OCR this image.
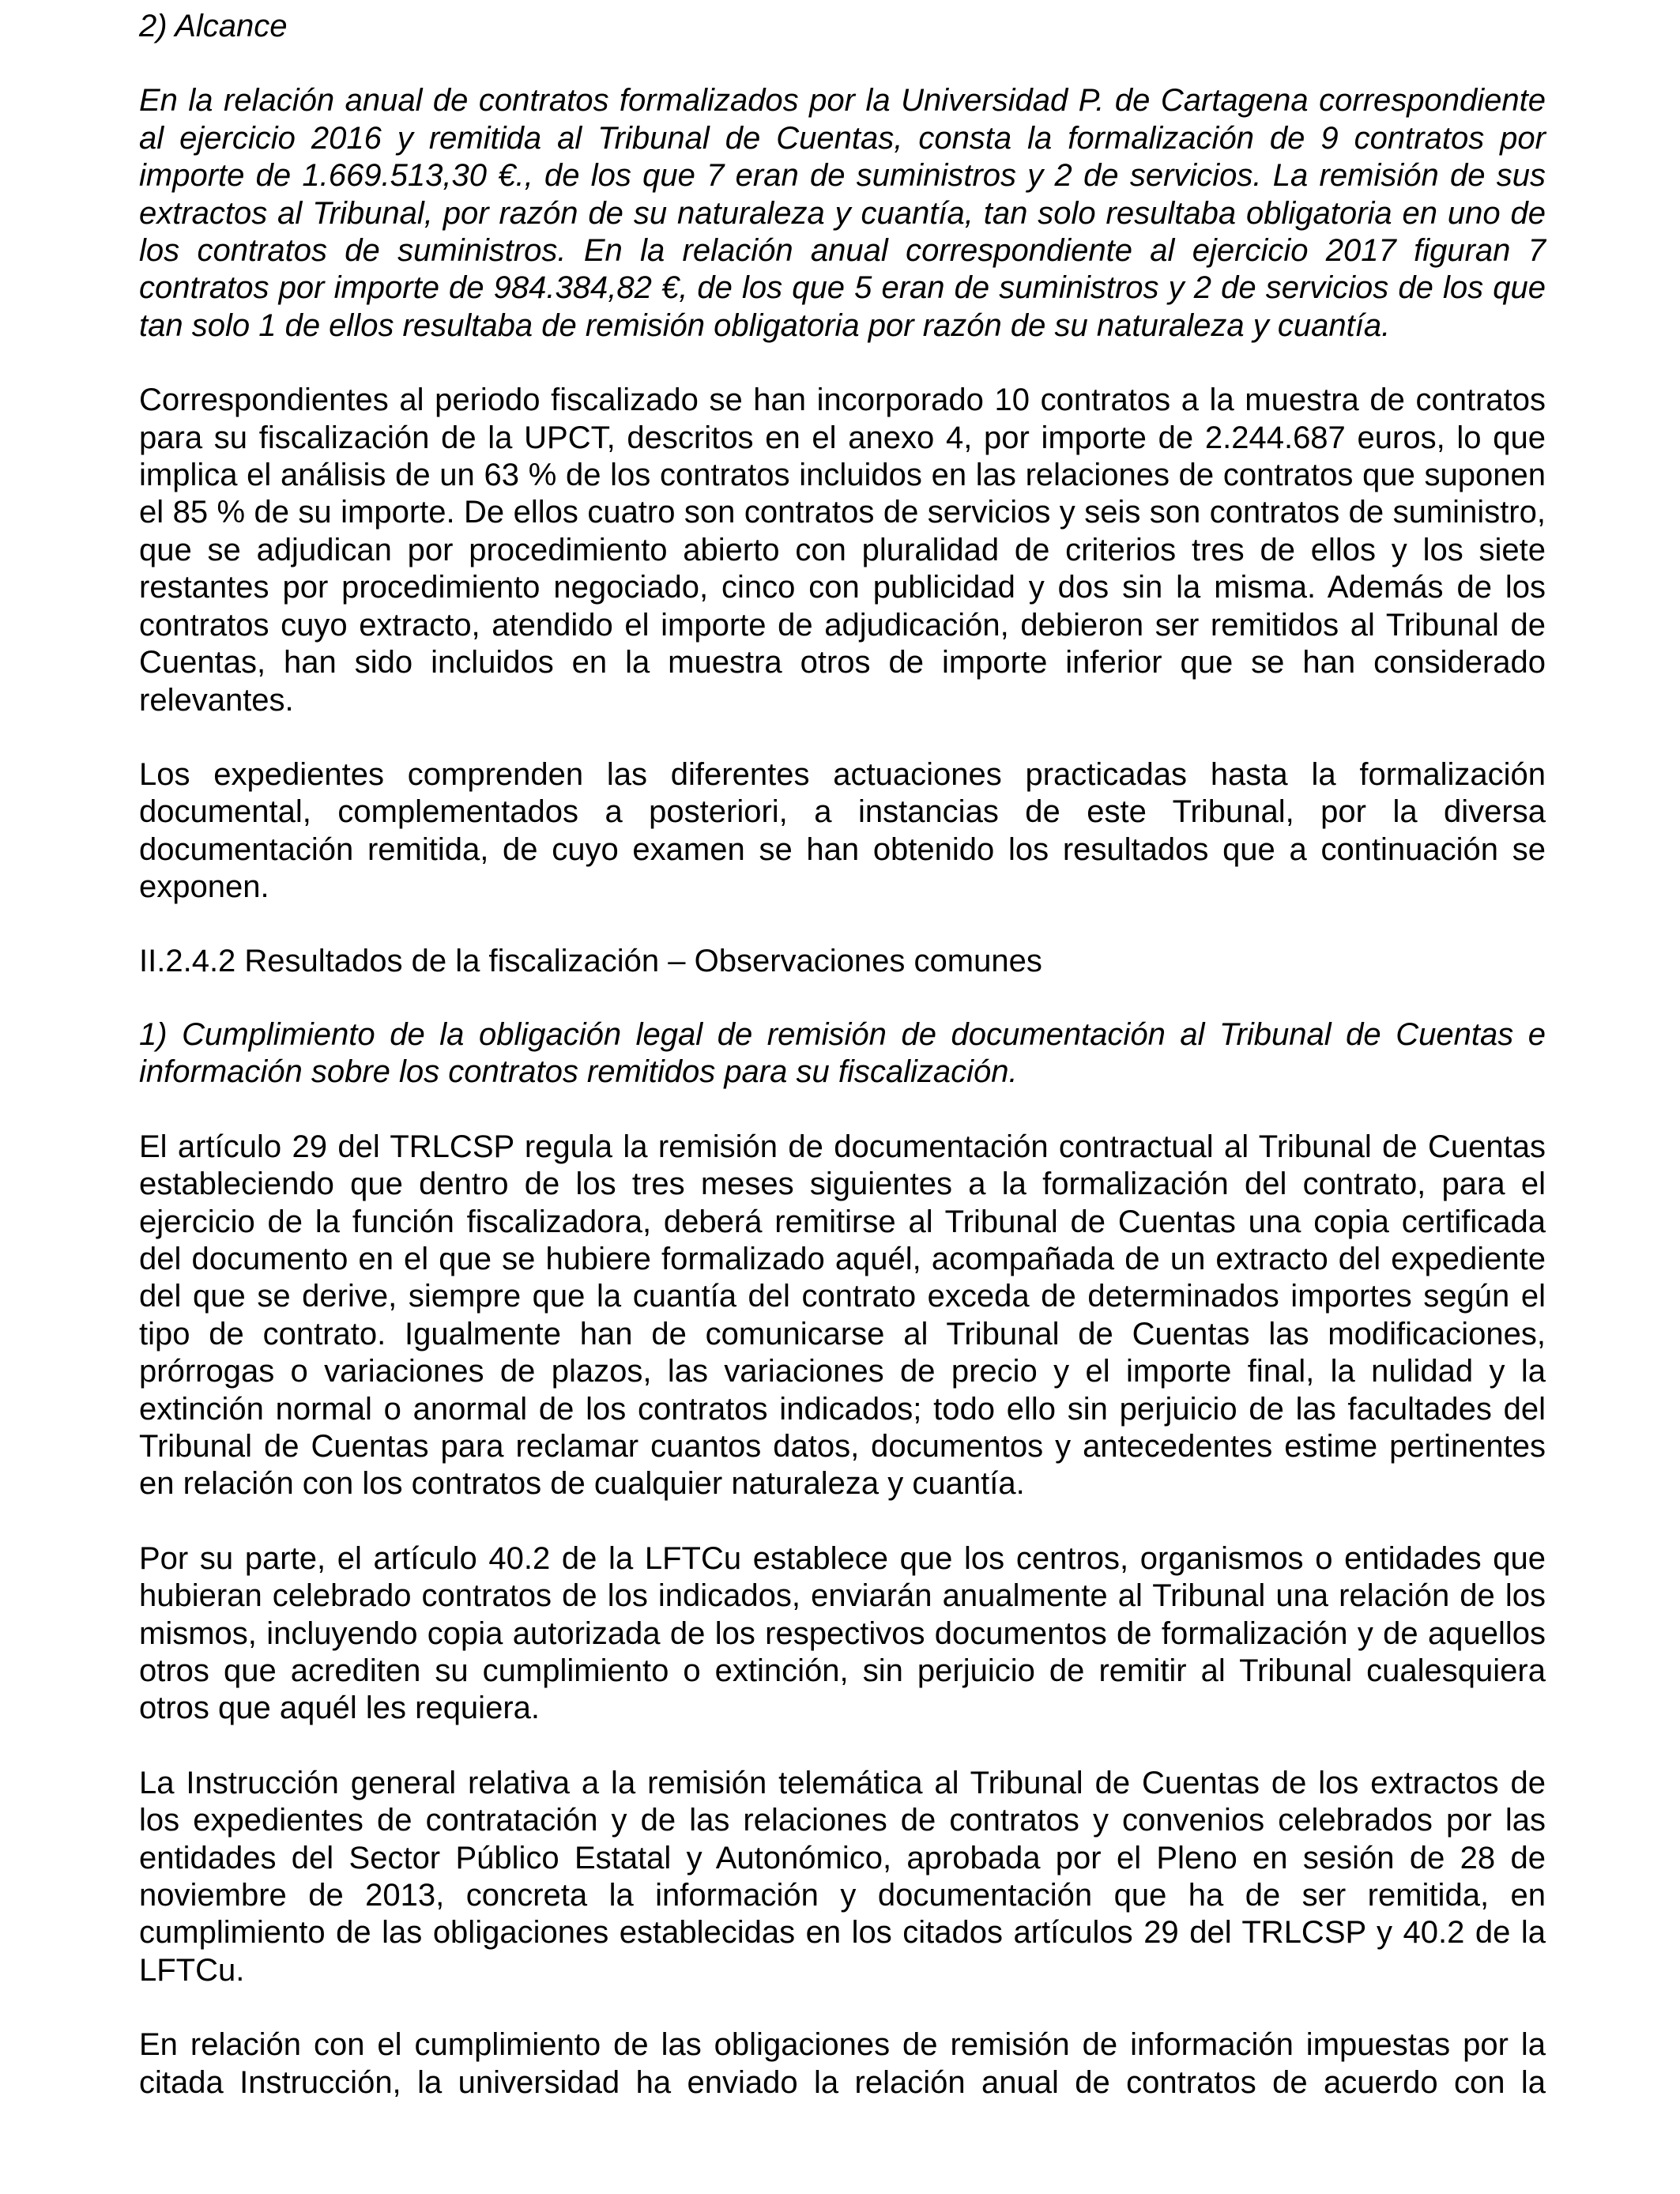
2) Alcance

En la relación anual de contratos formalizados por la Universidad P. de Cartagena correspondiente al ejercicio 2016 y remitida al Tribunal de Cuentas, consta la formalización de 9 contratos por importe de 1.669.513,30 €., de los que 7 eran de suministros y 2 de servicios. La remisión de sus extractos al Tribunal, por razón de su naturaleza y cuantía, tan solo resultaba obligatoria en uno de los contratos de suministros. En la relación anual correspondiente al ejercicio 2017 figuran 7 contratos por importe de 984.384,82 €, de los que 5 eran de suministros y 2 de servicios de los que tan solo 1 de ellos resultaba de remisión obligatoria por razón de su naturaleza y cuantía.

Correspondientes al periodo fiscalizado se han incorporado 10 contratos a la muestra de contratos para su fiscalización de la UPCT, descritos en el anexo 4, por importe de 2.244.687 euros, lo que implica el análisis de un 63 % de los contratos incluidos en las relaciones de contratos que suponen el 85 % de su importe. De ellos cuatro son contratos de servicios y seis son contratos de suministro, que se adjudican por procedimiento abierto con pluralidad de criterios tres de ellos y los siete restantes por procedimiento negociado, cinco con publicidad y dos sin la misma. Además de los contratos cuyo extracto, atendido el importe de adjudicación, debieron ser remitidos al Tribunal de Cuentas, han sido incluidos en la muestra otros de importe inferior que se han considerado relevantes.

Los expedientes comprenden las diferentes actuaciones practicadas hasta la formalización documental, complementados a posteriori, a instancias de este Tribunal, por la diversa documentación remitida, de cuyo examen se han obtenido los resultados que a continuación se exponen.

II.2.4.2 Resultados de la fiscalización – Observaciones comunes

1) Cumplimiento de la obligación legal de remisión de documentación al Tribunal de Cuentas e información sobre los contratos remitidos para su fiscalización.

El artículo 29 del TRLCSP regula la remisión de documentación contractual al Tribunal de Cuentas estableciendo que dentro de los tres meses siguientes a la formalización del contrato, para el ejercicio de la función fiscalizadora, deberá remitirse al Tribunal de Cuentas una copia certificada del documento en el que se hubiere formalizado aquél, acompañada de un extracto del expediente del que se derive, siempre que la cuantía del contrato exceda de determinados importes según el tipo de contrato. Igualmente han de comunicarse al Tribunal de Cuentas las modificaciones, prórrogas o variaciones de plazos, las variaciones de precio y el importe final, la nulidad y la extinción normal o anormal de los contratos indicados; todo ello sin perjuicio de las facultades del Tribunal de Cuentas para reclamar cuantos datos, documentos y antecedentes estime pertinentes en relación con los contratos de cualquier naturaleza y cuantía.

Por su parte, el artículo 40.2 de la LFTCu establece que los centros, organismos o entidades que hubieran celebrado contratos de los indicados, enviarán anualmente al Tribunal una relación de los mismos, incluyendo copia autorizada de los respectivos documentos de formalización y de aquellos otros que acrediten su cumplimiento o extinción, sin perjuicio de remitir al Tribunal cualesquiera otros que aquél les requiera.

La Instrucción general relativa a la remisión telemática al Tribunal de Cuentas de los extractos de los expedientes de contratación y de las relaciones de contratos y convenios celebrados por las entidades del Sector Público Estatal y Autonómico, aprobada por el Pleno en sesión de 28 de noviembre de 2013, concreta la información y documentación que ha de ser remitida, en cumplimiento de las obligaciones establecidas en los citados artículos 29 del TRLCSP y 40.2 de la LFTCu.

En relación con el cumplimiento de las obligaciones de remisión de información impuestas por la citada Instrucción, la universidad ha enviado la relación anual de contratos de acuerdo con la
